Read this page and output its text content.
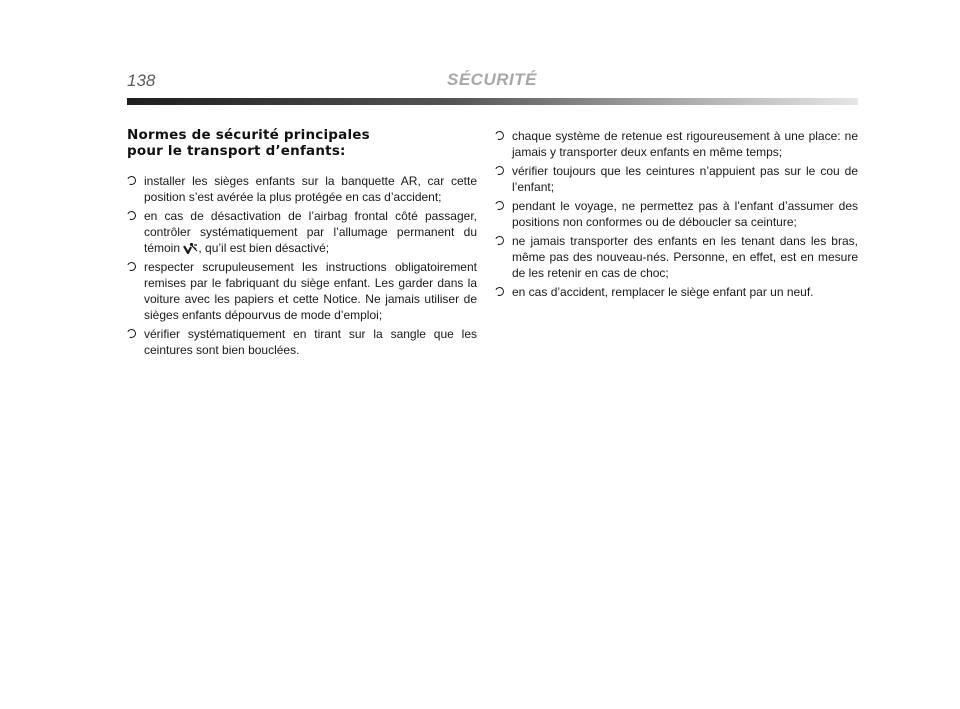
138	SÉCURITÉ
Normes de sécurité principales
pour le transport d’enfants:
installer les sièges enfants sur la banquette AR, car cette position s’est avérée la plus protégée en cas d’accident;
en cas de désactivation de l’airbag frontal côté passager, contrôler systématiquement par l’allumage permanent du témoin , qu’il est bien désactivé;
respecter scrupuleusement les instructions obligatoirement remises par le fabriquant du siège enfant. Les garder dans la voiture avec les papiers et cette Notice. Ne jamais utiliser de sièges enfants dépourvus de mode d’emploi;
vérifier systématiquement en tirant sur la sangle que les ceintures sont bien bouclées.
chaque système de retenue est rigoureusement à une place: ne jamais y transporter deux enfants en même temps;
vérifier toujours que les ceintures n’appuient pas sur le cou de l’enfant;
pendant le voyage, ne permettez pas à l’enfant d’assumer des positions non conformes ou de déboucler sa ceinture;
ne jamais transporter des enfants en les tenant dans les bras, même pas des nouveau-nés. Personne, en effet, est en mesure de les retenir en cas de choc;
en cas d’accident, remplacer le siège enfant par un neuf.
